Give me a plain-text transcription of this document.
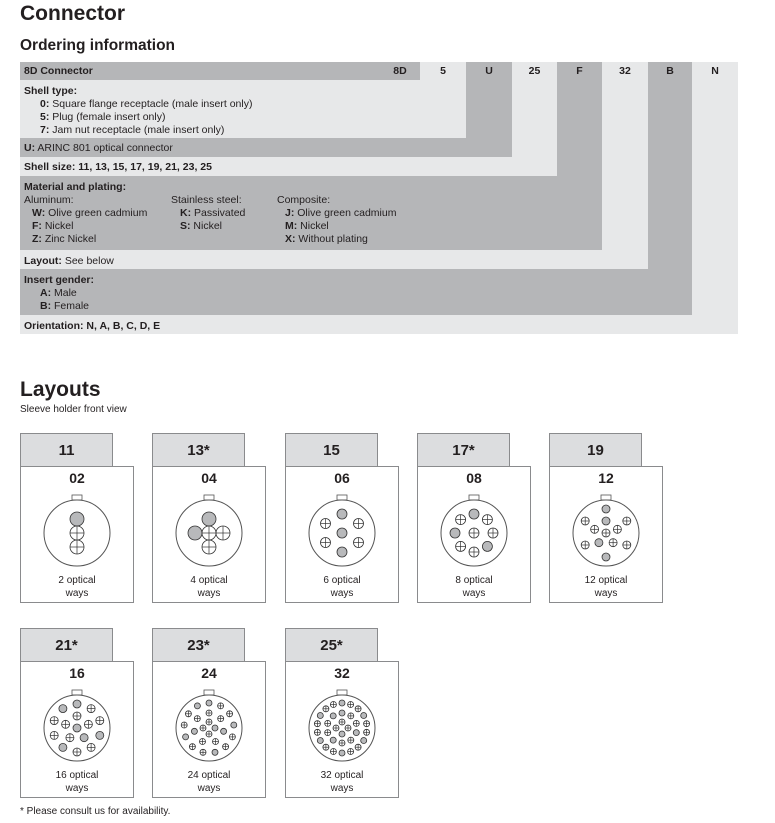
Connector
Ordering information
8D Connector	8D	5	U	25	F	32	B	N
Shell type:
0: Square flange receptacle (male insert only)
5: Plug (female insert only)
7: Jam nut receptacle (male insert only)
U: ARINC 801 optical connector
Shell size: 11, 13, 15, 17, 19, 21, 23, 25
Material and plating:
Aluminum:
W: Olive green cadmium
F: Nickel
Z: Zinc Nickel
Stainless steel:
K: Passivated
S: Nickel
Composite:
J: Olive green cadmium
M: Nickel
X: Without plating
Layout: See below
Insert gender:
A: Male
B: Female
Orientation: N, A, B, C, D, E
Layouts
Sleeve holder front view
11
02
2 optical
ways
13*
04
4 optical
ways
15
06
6 optical
ways
17*
08
8 optical
ways
19
12
12 optical
ways
21*
16
16 optical
ways
23*
24
24 optical
ways
25*
32
32 optical
ways
* Please consult us for availability.
